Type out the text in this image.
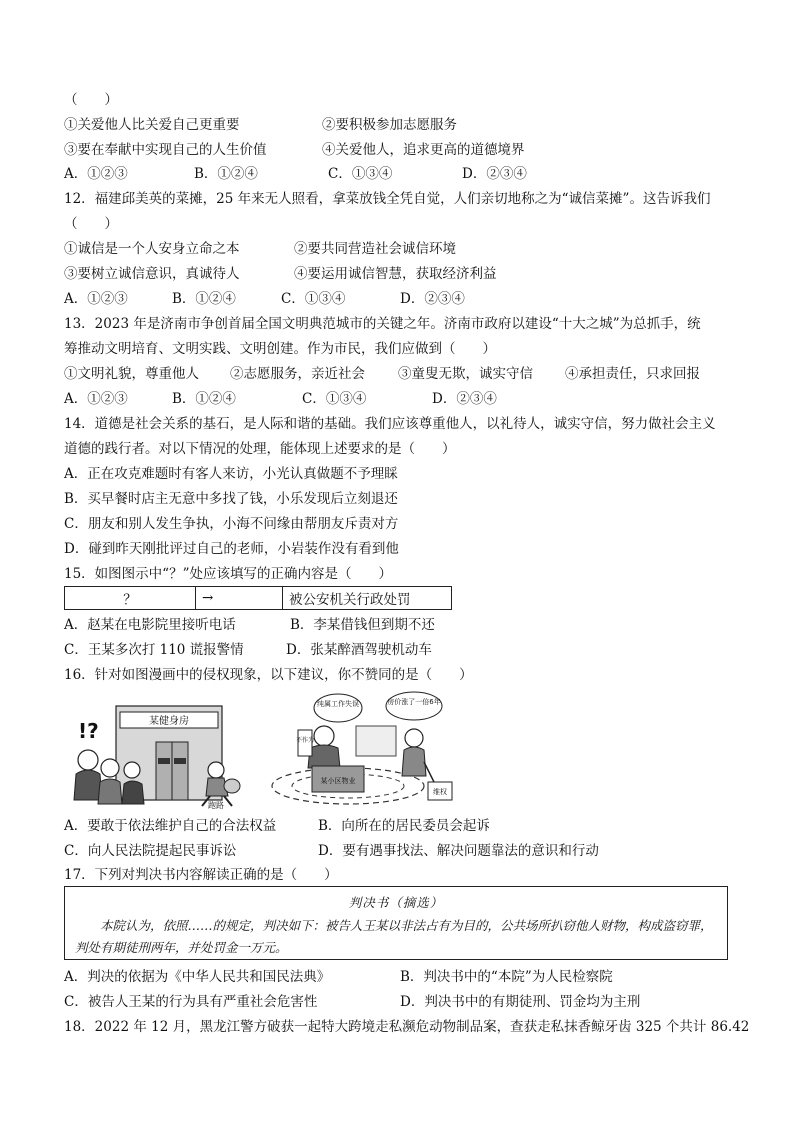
（　　）
①关爱他人比关爱自己更重要	②要积极参加志愿服务
③要在奉献中实现自己的人生价值	④关爱他人，追求更高的道德境界
A．①②③	B．①②④	C．①③④	D．②③④
12．福建邱美英的菜摊，25 年来无人照看，拿菜放钱全凭自觉，人们亲切地称之为“诚信菜摊”。这告诉我们
（　　）
①诚信是一个人安身立命之本	②要共同营造社会诚信环境
③要树立诚信意识，真诚待人	④要运用诚信智慧，获取经济利益
A．①②③	B．①②④	C．①③④	D．②③④
13．2023 年是济南市争创首届全国文明典范城市的关键之年。济南市政府以建设“十大之城”为总抓手，统
筹推动文明培育、文明实践、文明创建。作为市民，我们应做到（　　）
①文明礼貌，尊重他人 ②志愿服务，亲近社会 ③童叟无欺，诚实守信 ④承担责任，只求回报
A．①②③	B．①②④	C．①③④	D．②③④
14．道德是社会关系的基石，是人际和谐的基础。我们应该尊重他人，以礼待人，诚实守信，努力做社会主义
道德的践行者。对以下情况的处理，能体现上述要求的是（　　）
A．正在攻克难题时有客人来访，小光认真做题不予理睬
B．买早餐时店主无意中多找了钱，小乐发现后立刻退还
C．朋友和别人发生争执，小海不问缘由帮朋友斥责对方
D．碰到昨天刚批评过自己的老师，小岩装作没有看到他
15．如图图示中“？”处应该填写的正确内容是（　　）
？	→	被公安机关行政处罚
A．赵某在电影院里接听电话	B．李某借钱但到期不还
C．王某多次打 110 谎报警情	D．张某醉酒驾驶机动车
16．针对如图漫画中的侵权现象，以下建议，你不赞同的是（　　）
某健身房
!?
跑路
纯属工作失误	房价涨了一倍6年
不作为
某小区物业
维权
A．要敢于依法维护自己的合法权益	B．向所在的居民委员会起诉
C．向人民法院提起民事诉讼	D．要有遇事找法、解决问题靠法的意识和行动
17．下列对判决书内容解读正确的是（　　）
判决书（摘选）
本院认为，依照……的规定，判决如下：被告人王某以非法占有为目的，公共场所扒窃他人财物，构成盗窃罪，判处有期徒刑两年，并处罚金一万元。
A．判决的依据为《中华人民共和国民法典》	B．判决书中的“本院”为人民检察院
C．被告人王某的行为具有严重社会危害性	D．判决书中的有期徒刑、罚金均为主刑
18．2022 年 12 月，黑龙江警方破获一起特大跨境走私濒危动物制品案，查获走私抹香鲸牙齿 325 个共计 86.42
